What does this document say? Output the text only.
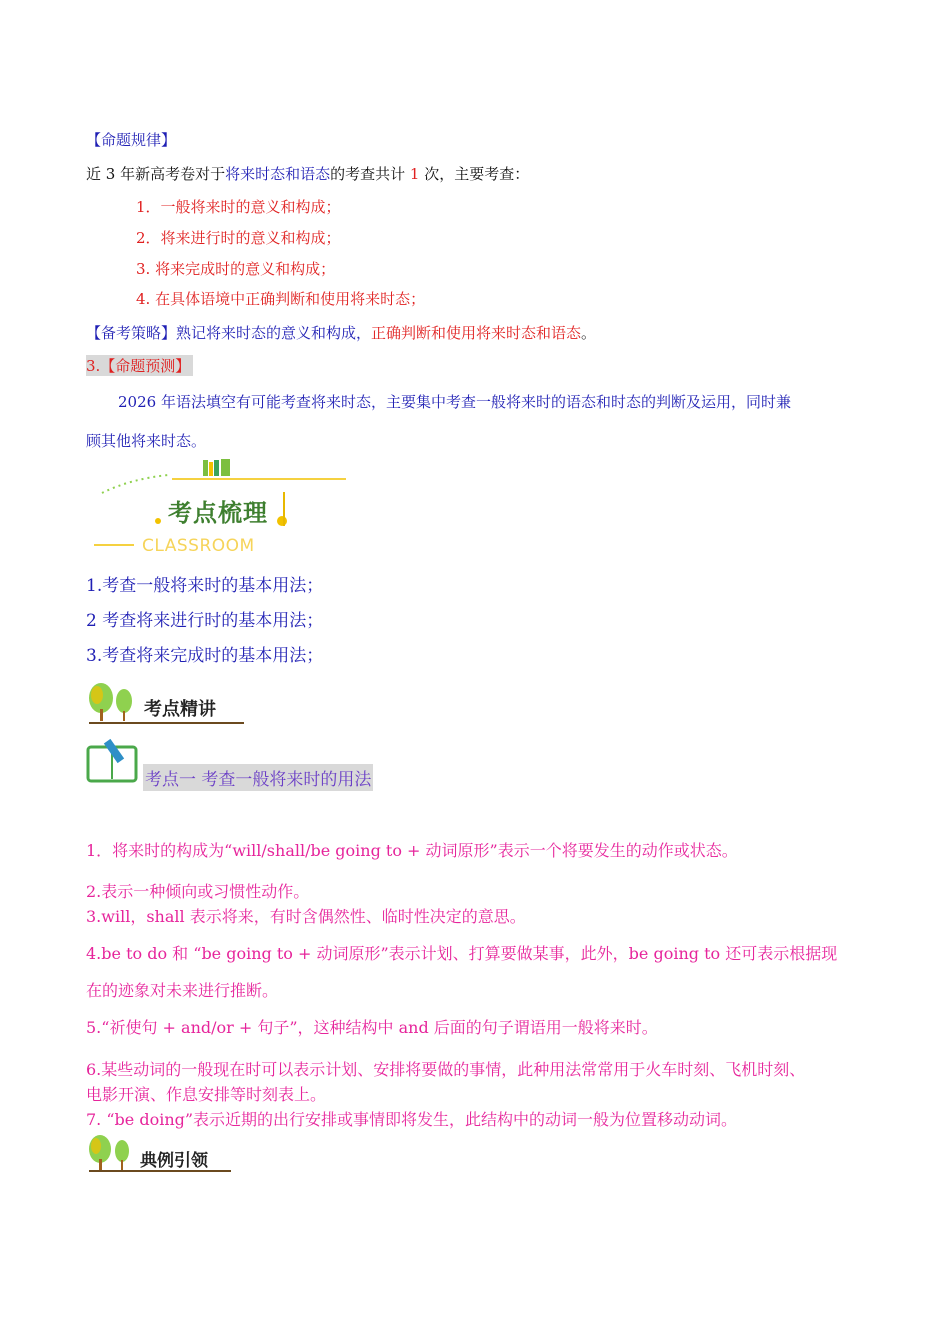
【命题规律】
近 3 年新高考卷对于将来时态和语态的考查共计 1 次，主要考查：
1．一般将来时的意义和构成；
2．将来进行时的意义和构成；
3. 将来完成时的意义和构成；
4. 在具体语境中正确判断和使用将来时态；
【备考策略】熟记将来时态的意义和构成，正确判断和使用将来时态和语态。
3.【命题预测】
2026 年语法填空有可能考查将来时态，主要集中考查一般将来时的语态和时态的判断及运用，同时兼
顾其他将来时态。
考点梳理
CLASSROOM
1.考查一般将来时的基本用法；
2 考查将来进行时的基本用法；
3.考查将来完成时的基本用法；
考点精讲
考点一 考查一般将来时的用法
1．将来时的构成为“will/shall/be going to + 动词原形”表示一个将要发生的动作或状态。
2.表示一种倾向或习惯性动作。
3.will，shall 表示将来，有时含偶然性、临时性决定的意思。
4.be to do 和 “be going to + 动词原形”表示计划、打算要做某事，此外，be going to 还可表示根据现
在的迹象对未来进行推断。
5.“祈使句 + and/or + 句子”，这种结构中 and 后面的句子谓语用一般将来时。
6.某些动词的一般现在时可以表示计划、安排将要做的事情，此种用法常常用于火车时刻、飞机时刻、
电影开演、作息安排等时刻表上。
7. “be doing”表示近期的出行安排或事情即将发生，此结构中的动词一般为位置移动动词。
典例引领
